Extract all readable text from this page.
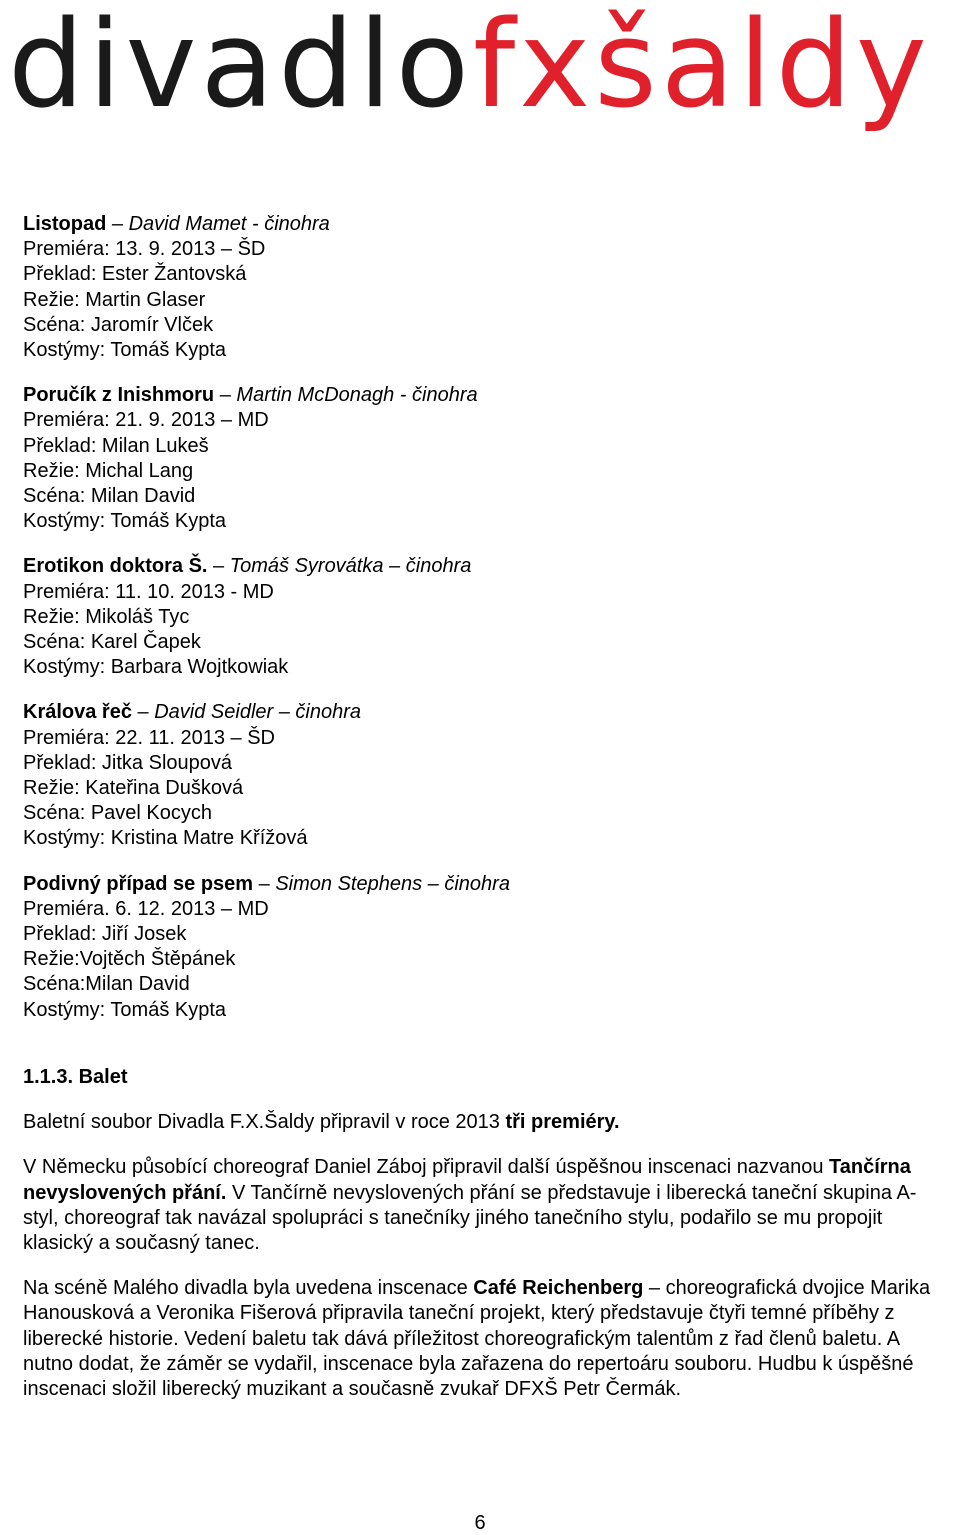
divadlofxšaldy
Listopad – David Mamet - činohra
Premiéra: 13. 9. 2013 – ŠD
Překlad: Ester Žantovská
Režie: Martin Glaser
Scéna: Jaromír Vlček
Kostýmy: Tomáš Kypta
Poručík z Inishmoru – Martin McDonagh - činohra
Premiéra: 21. 9. 2013 – MD
Překlad: Milan Lukeš
Režie: Michal Lang
Scéna: Milan David
Kostýmy: Tomáš Kypta
Erotikon doktora Š. – Tomáš Syrovátka – činohra
Premiéra: 11. 10. 2013 - MD
Režie: Mikoláš Tyc
Scéna: Karel Čapek
Kostýmy: Barbara Wojtkowiak
Králova řeč – David Seidler – činohra
Premiéra: 22. 11. 2013 – ŠD
Překlad: Jitka Sloupová
Režie: Kateřina Dušková
Scéna: Pavel Kocych
Kostýmy: Kristina Matre Křížová
Podivný případ se psem – Simon Stephens – činohra
Premiéra. 6. 12. 2013 – MD
Překlad: Jiří Josek
Režie:Vojtěch Štěpánek
Scéna:Milan David
Kostýmy: Tomáš Kypta
1.1.3. Balet

Baletní soubor Divadla F.X.Šaldy připravil v roce 2013 tři premiéry.

V Německu působící choreograf Daniel Záboj připravil další úspěšnou inscenaci nazvanou Tančírna nevyslovených přání. V Tančírně nevyslovených přání se představuje i liberecká taneční skupina A-styl, choreograf tak navázal spolupráci s tanečníky jiného tanečního stylu, podařilo se mu propojit klasický a současný tanec.

Na scéně Malého divadla byla uvedena inscenace Café Reichenberg – choreografická dvojice Marika Hanousková a Veronika Fišerová připravila taneční projekt, který představuje čtyři temné příběhy z liberecké historie. Vedení baletu tak dává příležitost choreografickým talentům z řad členů baletu. A nutno dodat, že záměr se vydařil, inscenace byla zařazena do repertoáru souboru. Hudbu k úspěšné inscenaci složil liberecký muzikant a současně zvukař DFXŠ Petr Čermák.

6
